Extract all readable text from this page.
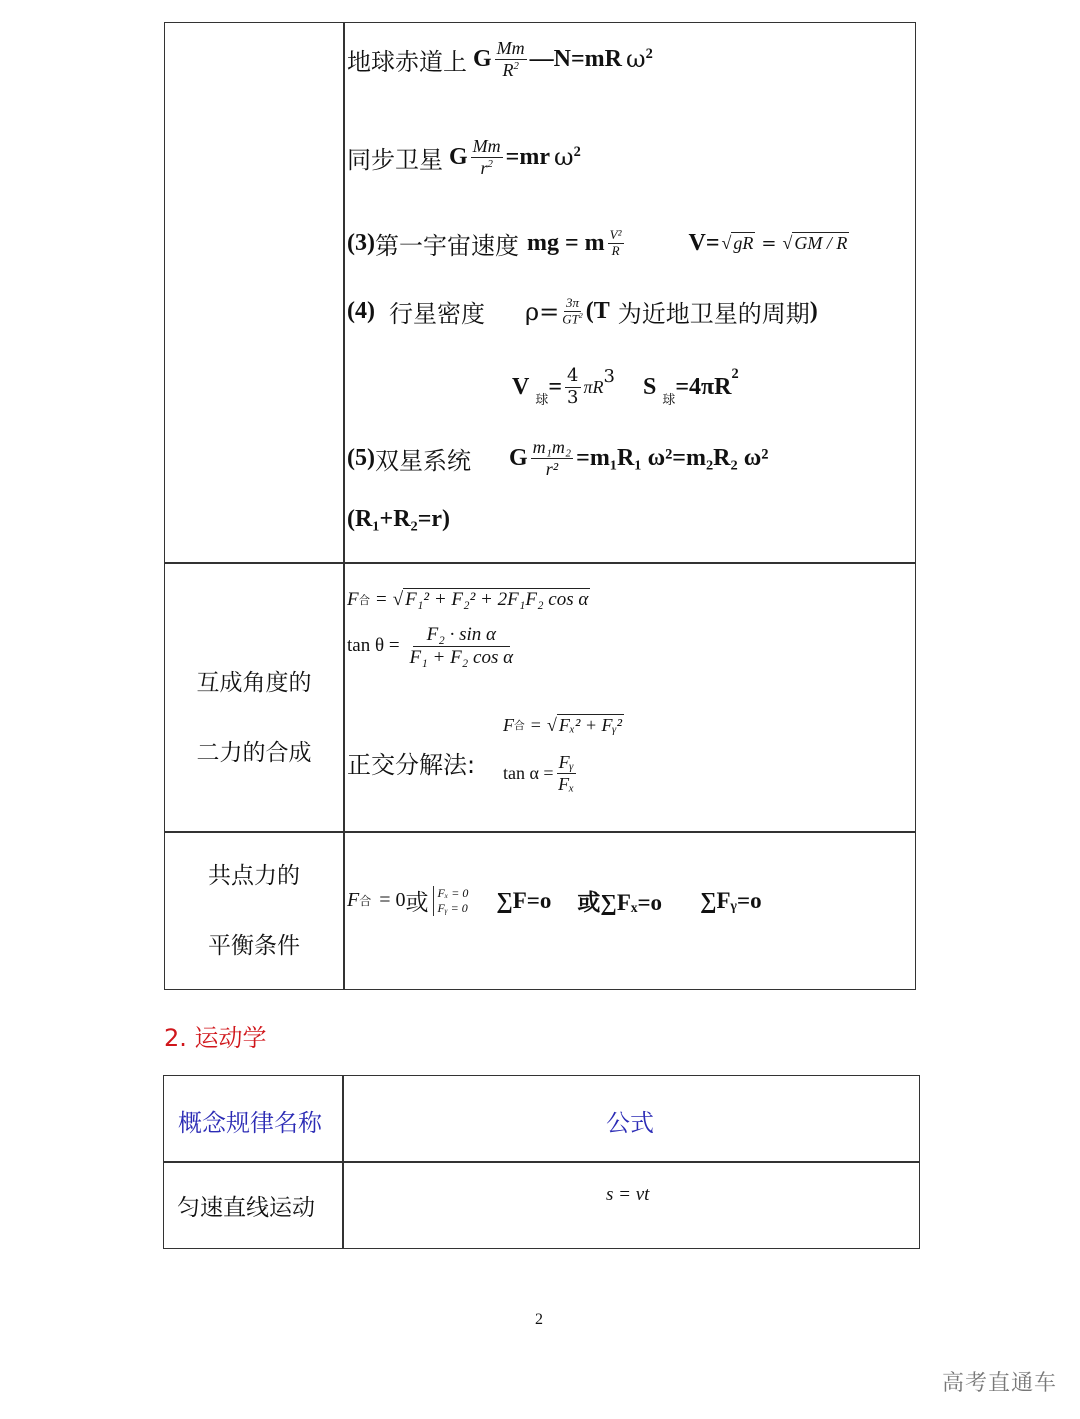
地球赤道上 G $\frac{Mm}{R^2}$ —N=mR ω 2
同步卫星 G $\frac{Mm}{r^2} =mr$ ω 2
(3) 第一宇宙速度 mg = m $\frac{\text{V²}}{R}$	V= √ gR = √ GM / R
(4) 行星密度 $\rho= \frac{3\pi}{GT^2} (T$ 为近地卫星的周期 )
V
球
= $\frac{4}{3} \pi R^3$ S
球
$=4\pi R^2$
(5) 双星系统 G $\frac{\text{m₁m₂}}{\text{r²}} =m_1R_1$ ω²=m₂R₂ ω²
(R₁+R₂=r)
互成角度的
二力的合成
F 合 = √ F₁² + F₂² + 2F₁F₂ cos α
$\tan \theta = \frac{\text{F₂ · sin α}}{\text{F₁ + F₂ cos α}}$
正交分解法:
F 合 = √ Fₓ² + Fᵧ²
$\tan \alpha = \frac{\text{Fᵧ}}{\text{Fₓ}}$
共点力的
平衡条件
F 合 = 0 或 Fₓ = 0
Fᵧ = 0 ∑F=o 或∑Fₓ=o ∑Fᵧ=o
2. 运动学
概念规律名称	公式
匀速直线运动
s = vt
2
高考直通车
